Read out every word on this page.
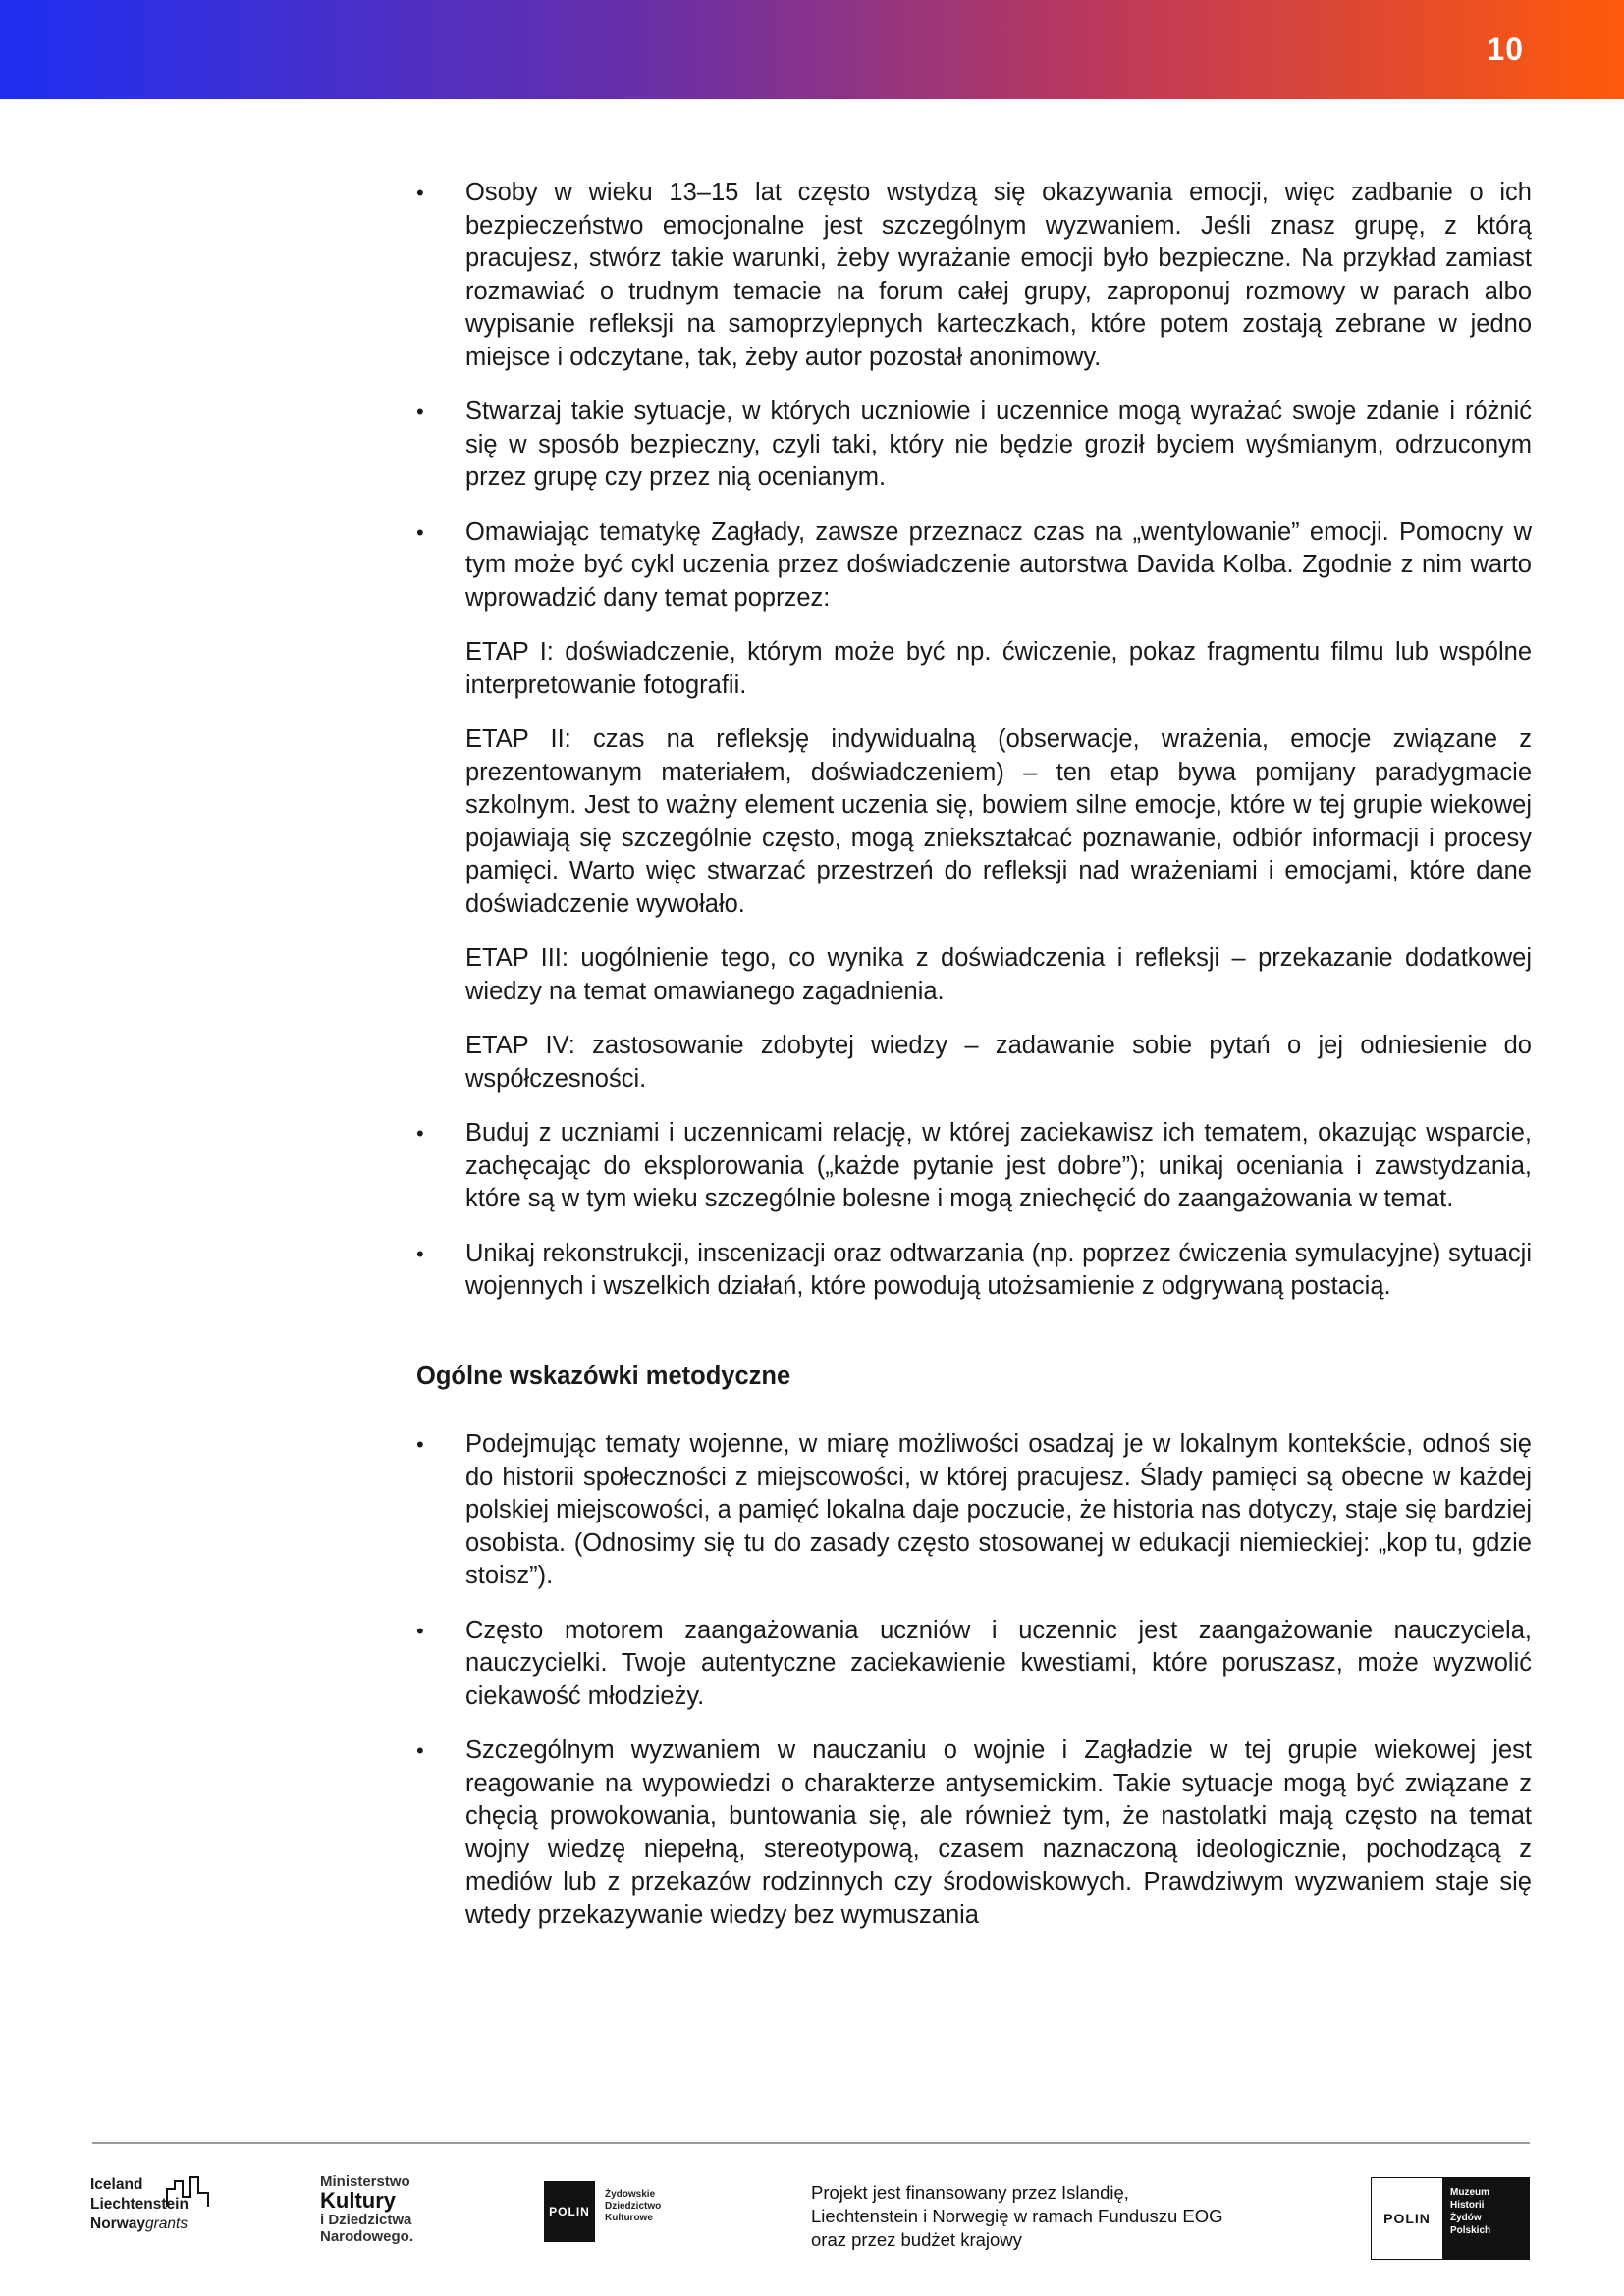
10
• Osoby w wieku 13–15 lat często wstydzą się okazywania emocji, więc zadbanie o ich bezpieczeństwo emocjonalne jest szczególnym wyzwaniem. Jeśli znasz grupę, z którą pracujesz, stwórz takie warunki, żeby wyrażanie emocji było bezpieczne. Na przykład zamiast rozmawiać o trudnym temacie na forum całej grupy, zaproponuj rozmowy w parach albo wypisanie refleksji na samoprzylepnych karteczkach, które potem zostają zebrane w jedno miejsce i odczytane, tak, żeby autor pozostał anonimowy.
• Stwarzaj takie sytuacje, w których uczniowie i uczennice mogą wyrażać swoje zdanie i różnić się w sposób bezpieczny, czyli taki, który nie będzie groził byciem wyśmianym, odrzuconym przez grupę czy przez nią ocenianym.
• Omawiając tematykę Zagłady, zawsze przeznacz czas na „wentylowanie” emocji. Pomocny w tym może być cykl uczenia przez doświadczenie autorstwa Davida Kolba. Zgodnie z nim warto wprowadzić dany temat poprzez:
ETAP I: doświadczenie, którym może być np. ćwiczenie, pokaz fragmentu filmu lub wspólne interpretowanie fotografii.
ETAP II: czas na refleksję indywidualną (obserwacje, wrażenia, emocje związane z prezentowanym materiałem, doświadczeniem) – ten etap bywa pomijany paradygmacie szkolnym. Jest to ważny element uczenia się, bowiem silne emocje, które w tej grupie wiekowej pojawiają się szczególnie często, mogą zniekształcać poznawanie, odbiór informacji i procesy pamięci. Warto więc stwarzać przestrzeń do refleksji nad wrażeniami i emocjami, które dane doświadczenie wywołało.
ETAP III: uogólnienie tego, co wynika z doświadczenia i refleksji – przekazanie dodatkowej wiedzy na temat omawianego zagadnienia.
ETAP IV: zastosowanie zdobytej wiedzy – zadawanie sobie pytań o jej odniesienie do współczesności.
• Buduj z uczniami i uczennicami relację, w której zaciekawisz ich tematem, okazując wsparcie, zachęcając do eksplorowania („każde pytanie jest dobre”); unikaj oceniania i zawstydzania, które są w tym wieku szczególnie bolesne i mogą zniechęcić do zaangażowania w temat.
• Unikaj rekonstrukcji, inscenizacji oraz odtwarzania (np. poprzez ćwiczenia symulacyjne) sytuacji wojennych i wszelkich działań, które powodują utożsamienie z odgrywaną postacią.
Ogólne wskazówki metodyczne
• Podejmując tematy wojenne, w miarę możliwości osadzaj je w lokalnym kontekście, odnoś się do historii społeczności z miejscowości, w której pracujesz. Ślady pamięci są obecne w każdej polskiej miejscowości, a pamięć lokalna daje poczucie, że historia nas dotyczy, staje się bardziej osobista. (Odnosimy się tu do zasady często stosowanej w edukacji niemieckiej: „kop tu, gdzie stoisz”).
• Często motorem zaangażowania uczniów i uczennic jest zaangażowanie nauczyciela, nauczycielki. Twoje autentyczne zaciekawienie kwestiami, które poruszasz, może wyzwolić ciekawość młodzieży.
• Szczególnym wyzwaniem w nauczaniu o wojnie i Zagładzie w tej grupie wiekowej jest reagowanie na wypowiedzi o charakterze antysemickim. Takie sytuacje mogą być związane z chęcią prowokowania, buntowania się, ale również tym, że nastolatki mają często na temat wojny wiedzę niepełną, stereotypową, czasem naznaczoną ideologicznie, pochodzącą z mediów lub z przekazów rodzinnych czy środowiskowych. Prawdziwym wyzwaniem staje się wtedy przekazywanie wiedzy bez wymuszania
Iceland
Liechtenstein
Norwaygrants
Ministerstwo
Kultury
i Dziedzictwa
Narodowego.
POLIN
Żydowskie
Dziedzictwo
Kulturowe
Projekt jest finansowany przez Islandię,
Liechtenstein i Norwegię w ramach Funduszu EOG
oraz przez budżet krajowy
POLIN
Muzeum
Historii
Żydów
Polskich
